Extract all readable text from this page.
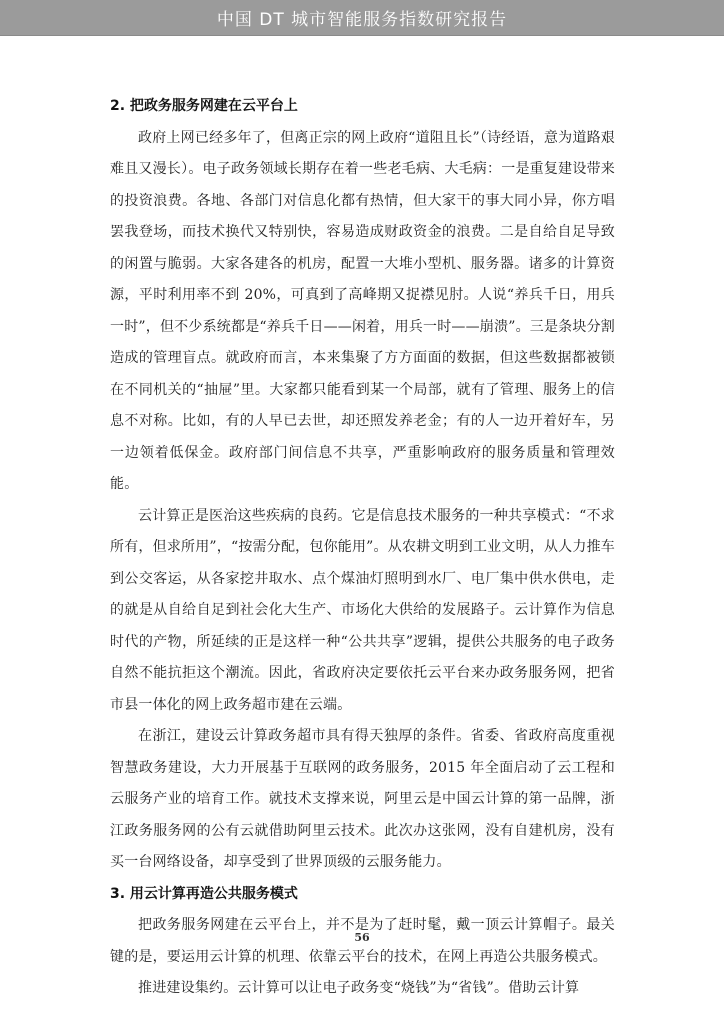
中国 DT 城市智能服务指数研究报告
2. 把政务服务网建在云平台上

政府上网已经多年了，但离正宗的网上政府“道阻且长”（诗经语，意为道路艰难且又漫长）。电子政务领域长期存在着一些老毛病、大毛病：一是重复建设带来的投资浪费。各地、各部门对信息化都有热情，但大家干的事大同小异，你方唱罢我登场，而技术换代又特别快，容易造成财政资金的浪费。二是自给自足导致的闲置与脆弱。大家各建各的机房，配置一大堆小型机、服务器。诸多的计算资源，平时利用率不到 20%，可真到了高峰期又捉襟见肘。人说“养兵千日，用兵一时”，但不少系统都是“养兵千日——闲着，用兵一时——崩溃”。三是条块分割造成的管理盲点。就政府而言，本来集聚了方方面面的数据，但这些数据都被锁在不同机关的“抽屉”里。大家都只能看到某一个局部，就有了管理、服务上的信息不对称。比如，有的人早已去世，却还照发养老金；有的人一边开着好车，另一边领着低保金。政府部门间信息不共享，严重影响政府的服务质量和管理效能。

云计算正是医治这些疾病的良药。它是信息技术服务的一种共享模式：“不求所有，但求所用”，“按需分配，包你能用”。从农耕文明到工业文明，从人力推车到公交客运，从各家挖井取水、点个煤油灯照明到水厂、电厂集中供水供电，走的就是从自给自足到社会化大生产、市场化大供给的发展路子。云计算作为信息时代的产物，所延续的正是这样一种“公共共享”逻辑，提供公共服务的电子政务自然不能抗拒这个潮流。因此，省政府决定要依托云平台来办政务服务网，把省市县一体化的网上政务超市建在云端。

在浙江，建设云计算政务超市具有得天独厚的条件。省委、省政府高度重视智慧政务建设，大力开展基于互联网的政务服务，2015 年全面启动了云工程和云服务产业的培育工作。就技术支撑来说，阿里云是中国云计算的第一品牌，浙江政务服务网的公有云就借助阿里云技术。此次办这张网，没有自建机房，没有买一台网络设备，却享受到了世界顶级的云服务能力。

3. 用云计算再造公共服务模式

把政务服务网建在云平台上，并不是为了赶时髦，戴一顶云计算帽子。最关键的是，要运用云计算的机理、依靠云平台的技术，在网上再造公共服务模式。

推进建设集约。云计算可以让电子政务变“烧钱”为“省钱”。借助云计算

56
